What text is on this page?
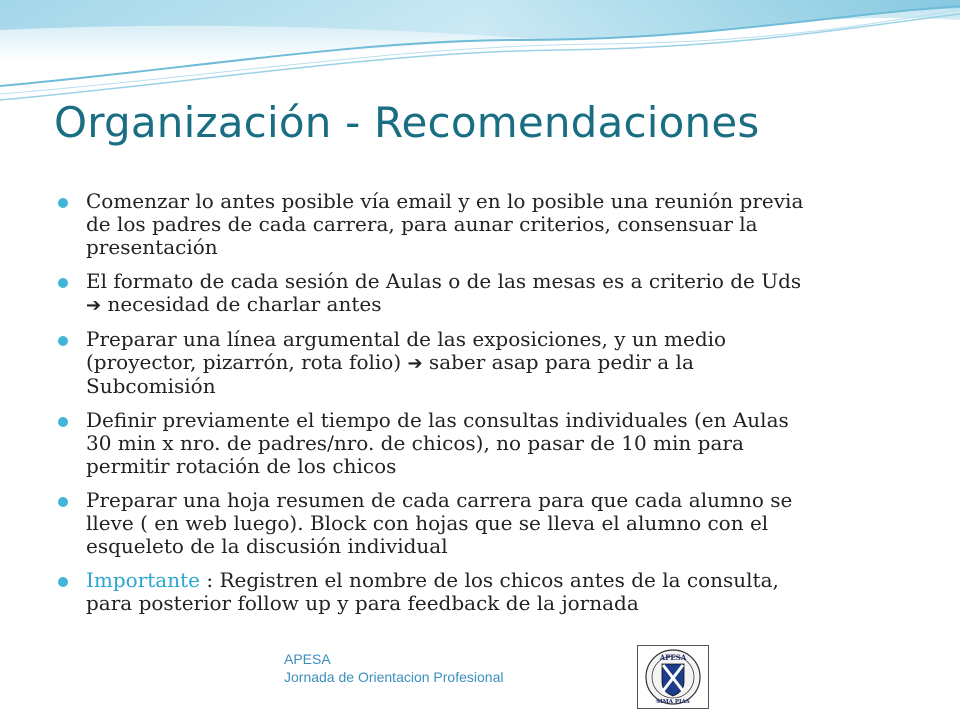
Organización - Recomendaciones
Comenzar lo antes posible vía email y en lo posible una reunión previa
de los padres de cada carrera, para aunar criterios, consensuar la
presentación
El formato de cada sesión de Aulas o de las mesas es a criterio de Uds
➔ necesidad de charlar antes
Preparar una línea argumental de las exposiciones, y un medio
(proyector, pizarrón, rota folio) ➔ saber asap para pedir a la
Subcomisión
Definir previamente el tiempo de las consultas individuales (en Aulas
30 min x nro. de padres/nro. de chicos), no pasar de 10 min para
permitir rotación de los chicos
Preparar una hoja resumen de cada carrera para que cada alumno se
lleve ( en web luego). Block con hojas que se lleva el alumno con el
esqueleto de la discusión individual
Importante : Registren el nombre de los chicos antes de la consulta,
para posterior follow up y para feedback de la jornada
APESA
Jornada de Orientacion Profesional
APESA
SIMA PIAS
